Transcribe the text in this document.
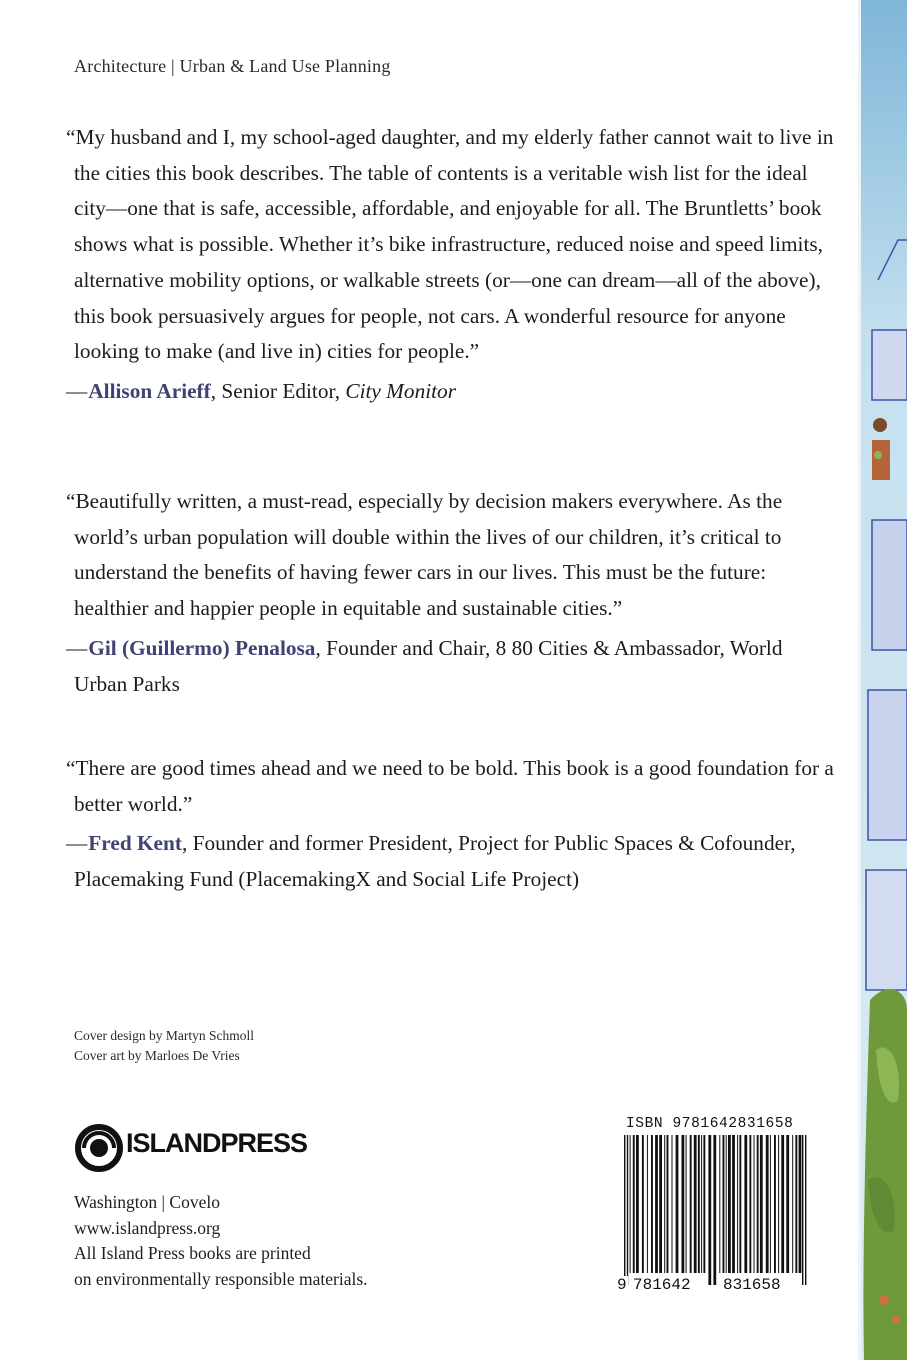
Architecture | Urban & Land Use Planning

“My husband and I, my school-aged daughter, and my elderly father cannot wait to live in the cities this book describes. The table of contents is a veritable wish list for the ideal city—one that is safe, accessible, affordable, and enjoyable for all. The Bruntletts’ book shows what is possible. Whether it’s bike infrastructure, reduced noise and speed limits, alternative mobility options, or walkable streets (or—one can dream—all of the above), this book persuasively argues for people, not cars. A wonderful resource for anyone looking to make (and live in) cities for people.”

—Allison Arieff, Senior Editor, City Monitor

“Beautifully written, a must-read, especially by decision makers everywhere. As the world’s urban population will double within the lives of our children, it’s critical to understand the benefits of having fewer cars in our lives. This must be the future: healthier and happier people in equitable and sustainable cities.”

—Gil (Guillermo) Penalosa, Founder and Chair, 8 80 Cities & Ambassador, World Urban Parks

“There are good times ahead and we need to be bold. This book is a good foundation for a better world.”

—Fred Kent, Founder and former President, Project for Public Spaces & Cofounder, Placemaking Fund (PlacemakingX and Social Life Project)
Cover design by Martyn Schmoll
Cover art by Marloes De Vries
ISLANDPRESS
Washington | Covelo
www.islandpress.org
All Island Press books are printed
on environmentally responsible materials.
ISBN 9781642831658
9 781642 831658
